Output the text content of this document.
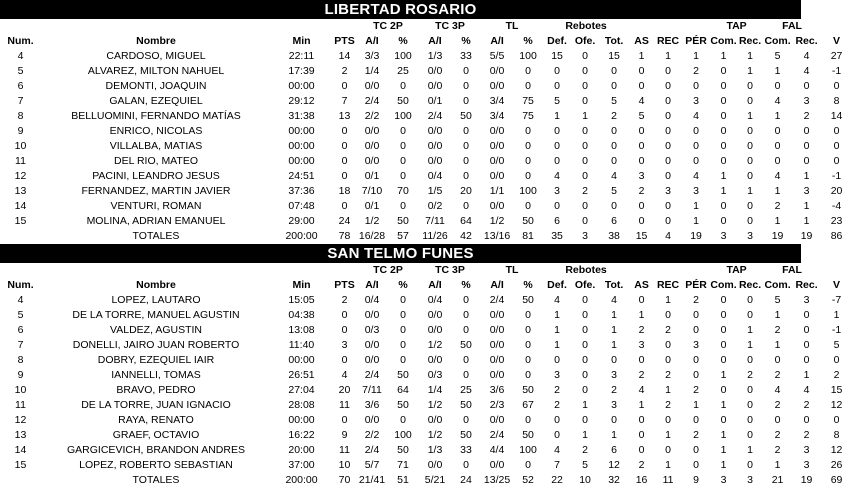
LIBERTAD ROSARIO
				TC 2P		TC 3P		TL		Rebotes						TAP		FAL		
Num.	Nombre	Min	PTS	A/I	%	A/I	%	A/I	%	Def.	Ofe.	Tot.	AS	REC	PÉR	Com.	Rec.	Com.	Rec.	V
4	CARDOSO, MIGUEL	22:11	14	3/3	100	1/3	33	5/5	100	15	0	15	1	1	1	1	1	5	4	27
5	ALVAREZ, MILTON NAHUEL	17:39	2	1/4	25	0/0	0	0/0	0	0	0	0	0	0	2	0	1	1	4	-1
6	DEMONTI, JOAQUIN	00:00	0	0/0	0	0/0	0	0/0	0	0	0	0	0	0	0	0	0	0	0	0
7	GALAN, EZEQUIEL	29:12	7	2/4	50	0/1	0	3/4	75	5	0	5	4	0	3	0	0	4	3	8
8	BELLUOMINI, FERNANDO MATÍAS	31:38	13	2/2	100	2/4	50	3/4	75	1	1	2	5	0	4	0	1	1	2	14
9	ENRICO, NICOLAS	00:00	0	0/0	0	0/0	0	0/0	0	0	0	0	0	0	0	0	0	0	0	0
10	VILLALBA, MATIAS	00:00	0	0/0	0	0/0	0	0/0	0	0	0	0	0	0	0	0	0	0	0	0
11	DEL RIO, MATEO	00:00	0	0/0	0	0/0	0	0/0	0	0	0	0	0	0	0	0	0	0	0	0
12	PACINI, LEANDRO JESUS	24:51	0	0/1	0	0/4	0	0/0	0	4	0	4	3	0	4	1	0	4	1	-1
13	FERNANDEZ, MARTIN JAVIER	37:36	18	7/10	70	1/5	20	1/1	100	3	2	5	2	3	3	1	1	1	3	20
14	VENTURI, ROMAN	07:48	0	0/1	0	0/2	0	0/0	0	0	0	0	0	0	1	0	0	2	1	-4
15	MOLINA, ADRIAN EMANUEL	29:00	24	1/2	50	7/11	64	1/2	50	6	0	6	0	0	1	0	0	1	1	23
	TOTALES	200:00	78	16/28	57	11/26	42	13/16	81	35	3	38	15	4	19	3	3	19	19	86
SAN TELMO FUNES
				TC 2P		TC 3P		TL		Rebotes						TAP		FAL		
Num.	Nombre	Min	PTS	A/I	%	A/I	%	A/I	%	Def.	Ofe.	Tot.	AS	REC	PÉR	Com.	Rec.	Com.	Rec.	V
4	LOPEZ, LAUTARO	15:05	2	0/4	0	0/4	0	2/4	50	4	0	4	0	1	2	0	0	5	3	-7
5	DE LA TORRE, MANUEL AGUSTIN	04:38	0	0/0	0	0/0	0	0/0	0	1	0	1	1	0	0	0	0	1	0	1
6	VALDEZ, AGUSTIN	13:08	0	0/3	0	0/0	0	0/0	0	1	0	1	2	2	0	0	1	2	0	-1
7	DONELLI, JAIRO JUAN ROBERTO	11:40	3	0/0	0	1/2	50	0/0	0	1	0	1	3	0	3	0	1	1	0	5
8	DOBRY, EZEQUIEL IAIR	00:00	0	0/0	0	0/0	0	0/0	0	0	0	0	0	0	0	0	0	0	0	0
9	IANNELLI, TOMAS	26:51	4	2/4	50	0/3	0	0/0	0	3	0	3	2	2	0	1	2	2	1	2
10	BRAVO, PEDRO	27:04	20	7/11	64	1/4	25	3/6	50	2	0	2	4	1	2	0	0	4	4	15
11	DE LA TORRE, JUAN IGNACIO	28:08	11	3/6	50	1/2	50	2/3	67	2	1	3	1	2	1	1	0	2	2	12
12	RAYA, RENATO	00:00	0	0/0	0	0/0	0	0/0	0	0	0	0	0	0	0	0	0	0	0	0
13	GRAEF, OCTAVIO	16:22	9	2/2	100	1/2	50	2/4	50	0	1	1	0	1	2	1	0	2	2	8
14	GARGICEVICH, BRANDON ANDRES	20:00	11	2/4	50	1/3	33	4/4	100	4	2	6	0	0	0	1	1	2	3	12
15	LOPEZ, ROBERTO SEBASTIAN	37:00	10	5/7	71	0/0	0	0/0	0	7	5	12	2	1	0	1	0	1	3	26
	TOTALES	200:00	70	21/41	51	5/21	24	13/25	52	22	10	32	16	11	9	3	3	21	19	69
